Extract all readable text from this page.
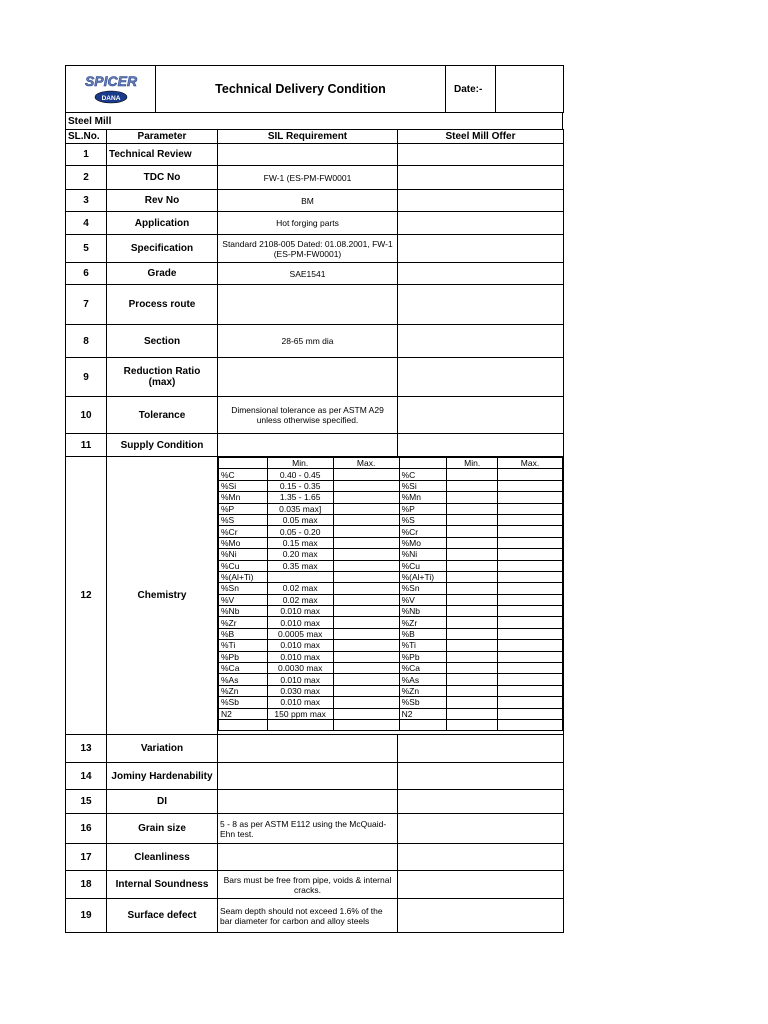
DANA
SPICER	Technical Delivery Condition	Date:-	
Steel Mill
SL.No.	Parameter	SIL Requirement	Steel Mill Offer
1	Technical Review		
2	TDC No	FW-1 (ES-PM-FW0001	
3	Rev No	BM	
4	Application	Hot forging parts	
5	Specification	Standard 2108-005 Dated: 01.08.2001, FW-1 (ES-PM-FW0001)	
6	Grade	SAE1541	
7	Process route		
8	Section	28-65 mm dia	
9	Reduction Ratio (max)		
10	Tolerance	Dimensional tolerance as per ASTM A29 unless otherwise specified.	
11	Supply Condition		
12	Chemistry	
	Min.	Max.		Min.	Max.
%C	0.40 - 0.45		%C		
%Si	0.15 - 0.35		%Si		
%Mn	1.35 - 1.65		%Mn		
%P	0.035 max]		%P		
%S	0.05 max		%S		
%Cr	0.05 - 0.20		%Cr		
%Mo	0.15 max		%Mo		
%Ni	0.20 max		%Ni		
%Cu	0.35 max		%Cu		
%(Al+Ti)			%(Al+Ti)		
%Sn	0.02 max		%Sn		
%V	0.02 max		%V		
%Nb	0.010 max		%Nb		
%Zr	0.010 max		%Zr		
%B	0.0005 max		%B		
%Ti	0.010 max		%Ti		
%Pb	0.010 max		%Pb		
%Ca	0.0030 max		%Ca		
%As	0.010 max		%As		
%Zn	0.030 max		%Zn		
%Sb	0.010 max		%Sb		
N2	150 ppm max		N2		

13	Variation		
14	Jominy Hardenability		
15	DI		
16	Grain size	5 - 8 as per ASTM E112 using the McQuaid-Ehn test.	
17	Cleanliness		
18	Internal Soundness	Bars must be free from pipe, voids & internal cracks.	
19	Surface defect	Seam depth should not exceed 1.6% of the bar diameter for carbon and alloy steels	
